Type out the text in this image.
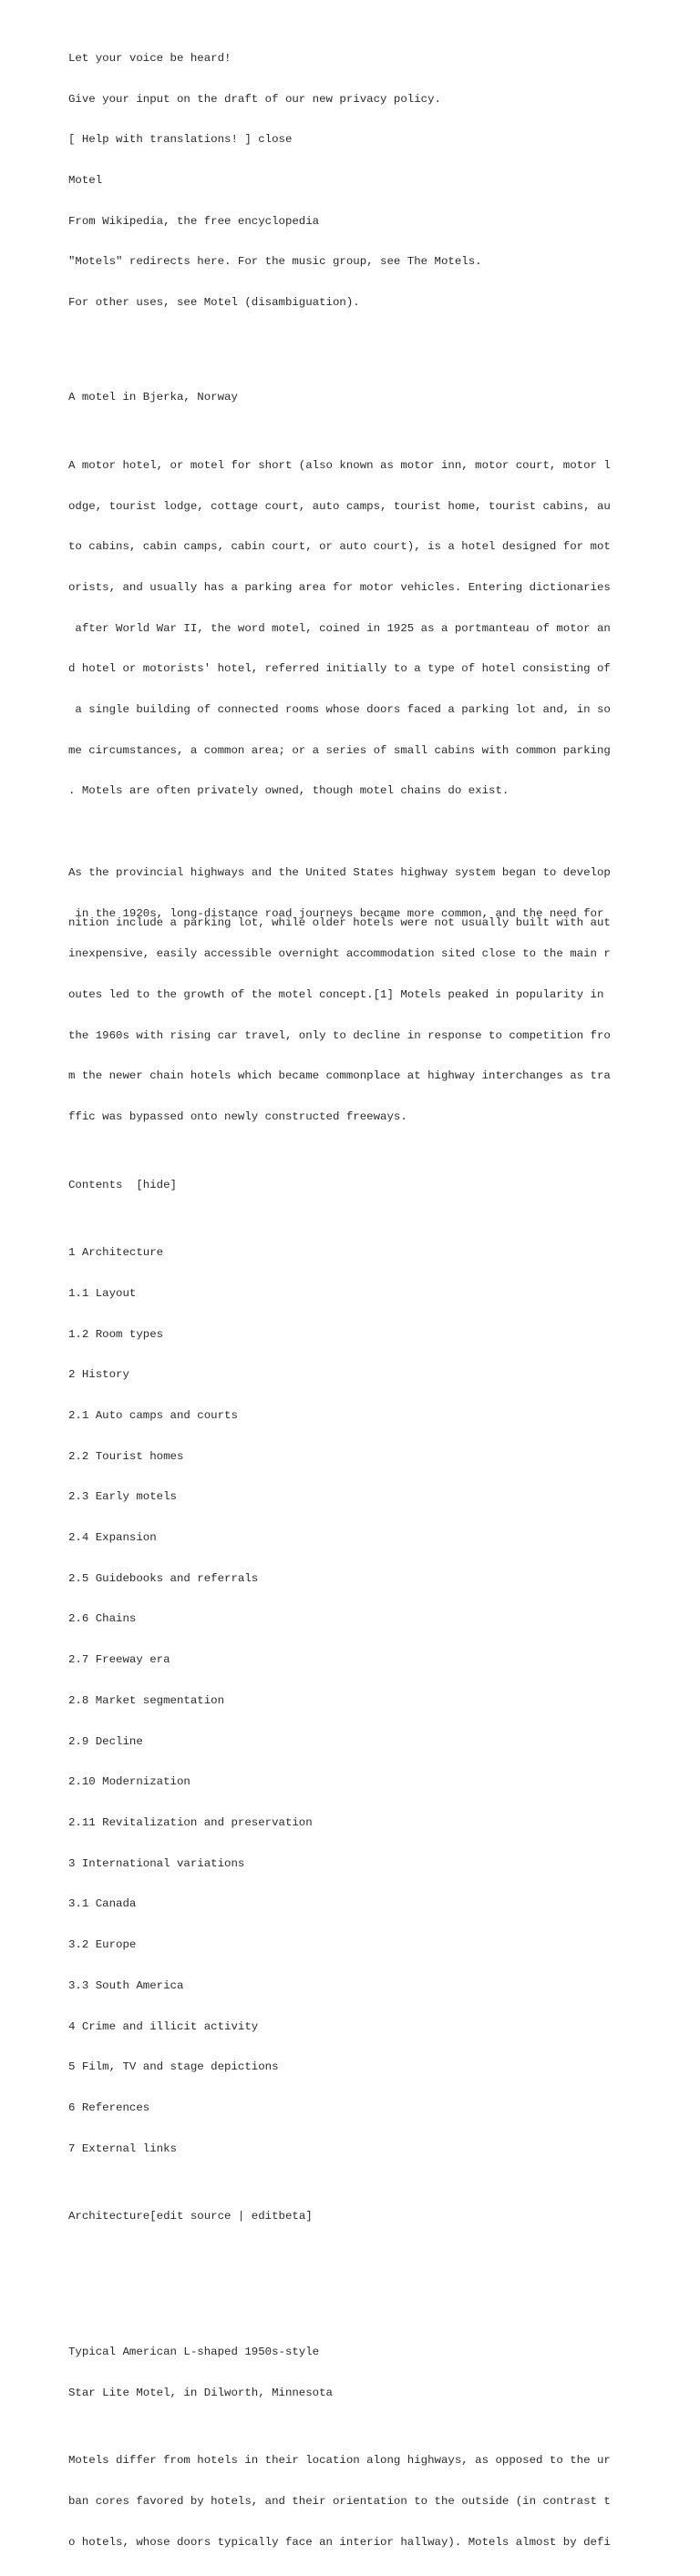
Let your voice be heard!

Give your input on the draft of our new privacy policy.

[ Help with translations! ] close

Motel

From Wikipedia, the free encyclopedia

"Motels" redirects here. For the music group, see The Motels.

For other uses, see Motel (disambiguation).

A motel in Bjerka, Norway

A motor hotel, or motel for short (also known as motor inn, motor court, motor l

odge, tourist lodge, cottage court, auto camps, tourist home, tourist cabins, au

to cabins, cabin camps, cabin court, or auto court), is a hotel designed for mot

orists, and usually has a parking area for motor vehicles. Entering dictionaries

after World War II, the word motel, coined in 1925 as a portmanteau of motor an

d hotel or motorists' hotel, referred initially to a type of hotel consisting of

a single building of connected rooms whose doors faced a parking lot and, in so

me circumstances, a common area; or a series of small cabins with common parking

. Motels are often privately owned, though motel chains do exist.

As the provincial highways and the United States highway system began to develop

in the 1920s, long-distance road journeys became more common, and the need for

inexpensive, easily accessible overnight accommodation sited close to the main r

outes led to the growth of the motel concept.[1] Motels peaked in popularity in

the 1960s with rising car travel, only to decline in response to competition fro

m the newer chain hotels which became commonplace at highway interchanges as tra

ffic was bypassed onto newly constructed freeways.

Contents [hide]

1 Architecture

1.1 Layout

1.2 Room types

2 History

2.1 Auto camps and courts

2.2 Tourist homes

2.3 Early motels

2.4 Expansion

2.5 Guidebooks and referrals

2.6 Chains

2.7 Freeway era

2.8 Market segmentation

2.9 Decline

2.10 Modernization

2.11 Revitalization and preservation

3 International variations

3.1 Canada

3.2 Europe

3.3 South America

4 Crime and illicit activity

5 Film, TV and stage depictions

6 References

7 External links

Architecture[edit source | editbeta]

Typical American L-shaped 1950s-style

Star Lite Motel, in Dilworth, Minnesota

Motels differ from hotels in their location along highways, as opposed to the ur

ban cores favored by hotels, and their orientation to the outside (in contrast t

o hotels, whose doors typically face an interior hallway). Motels almost by defi

nition include a parking lot, while older hotels were not usually built with aut
